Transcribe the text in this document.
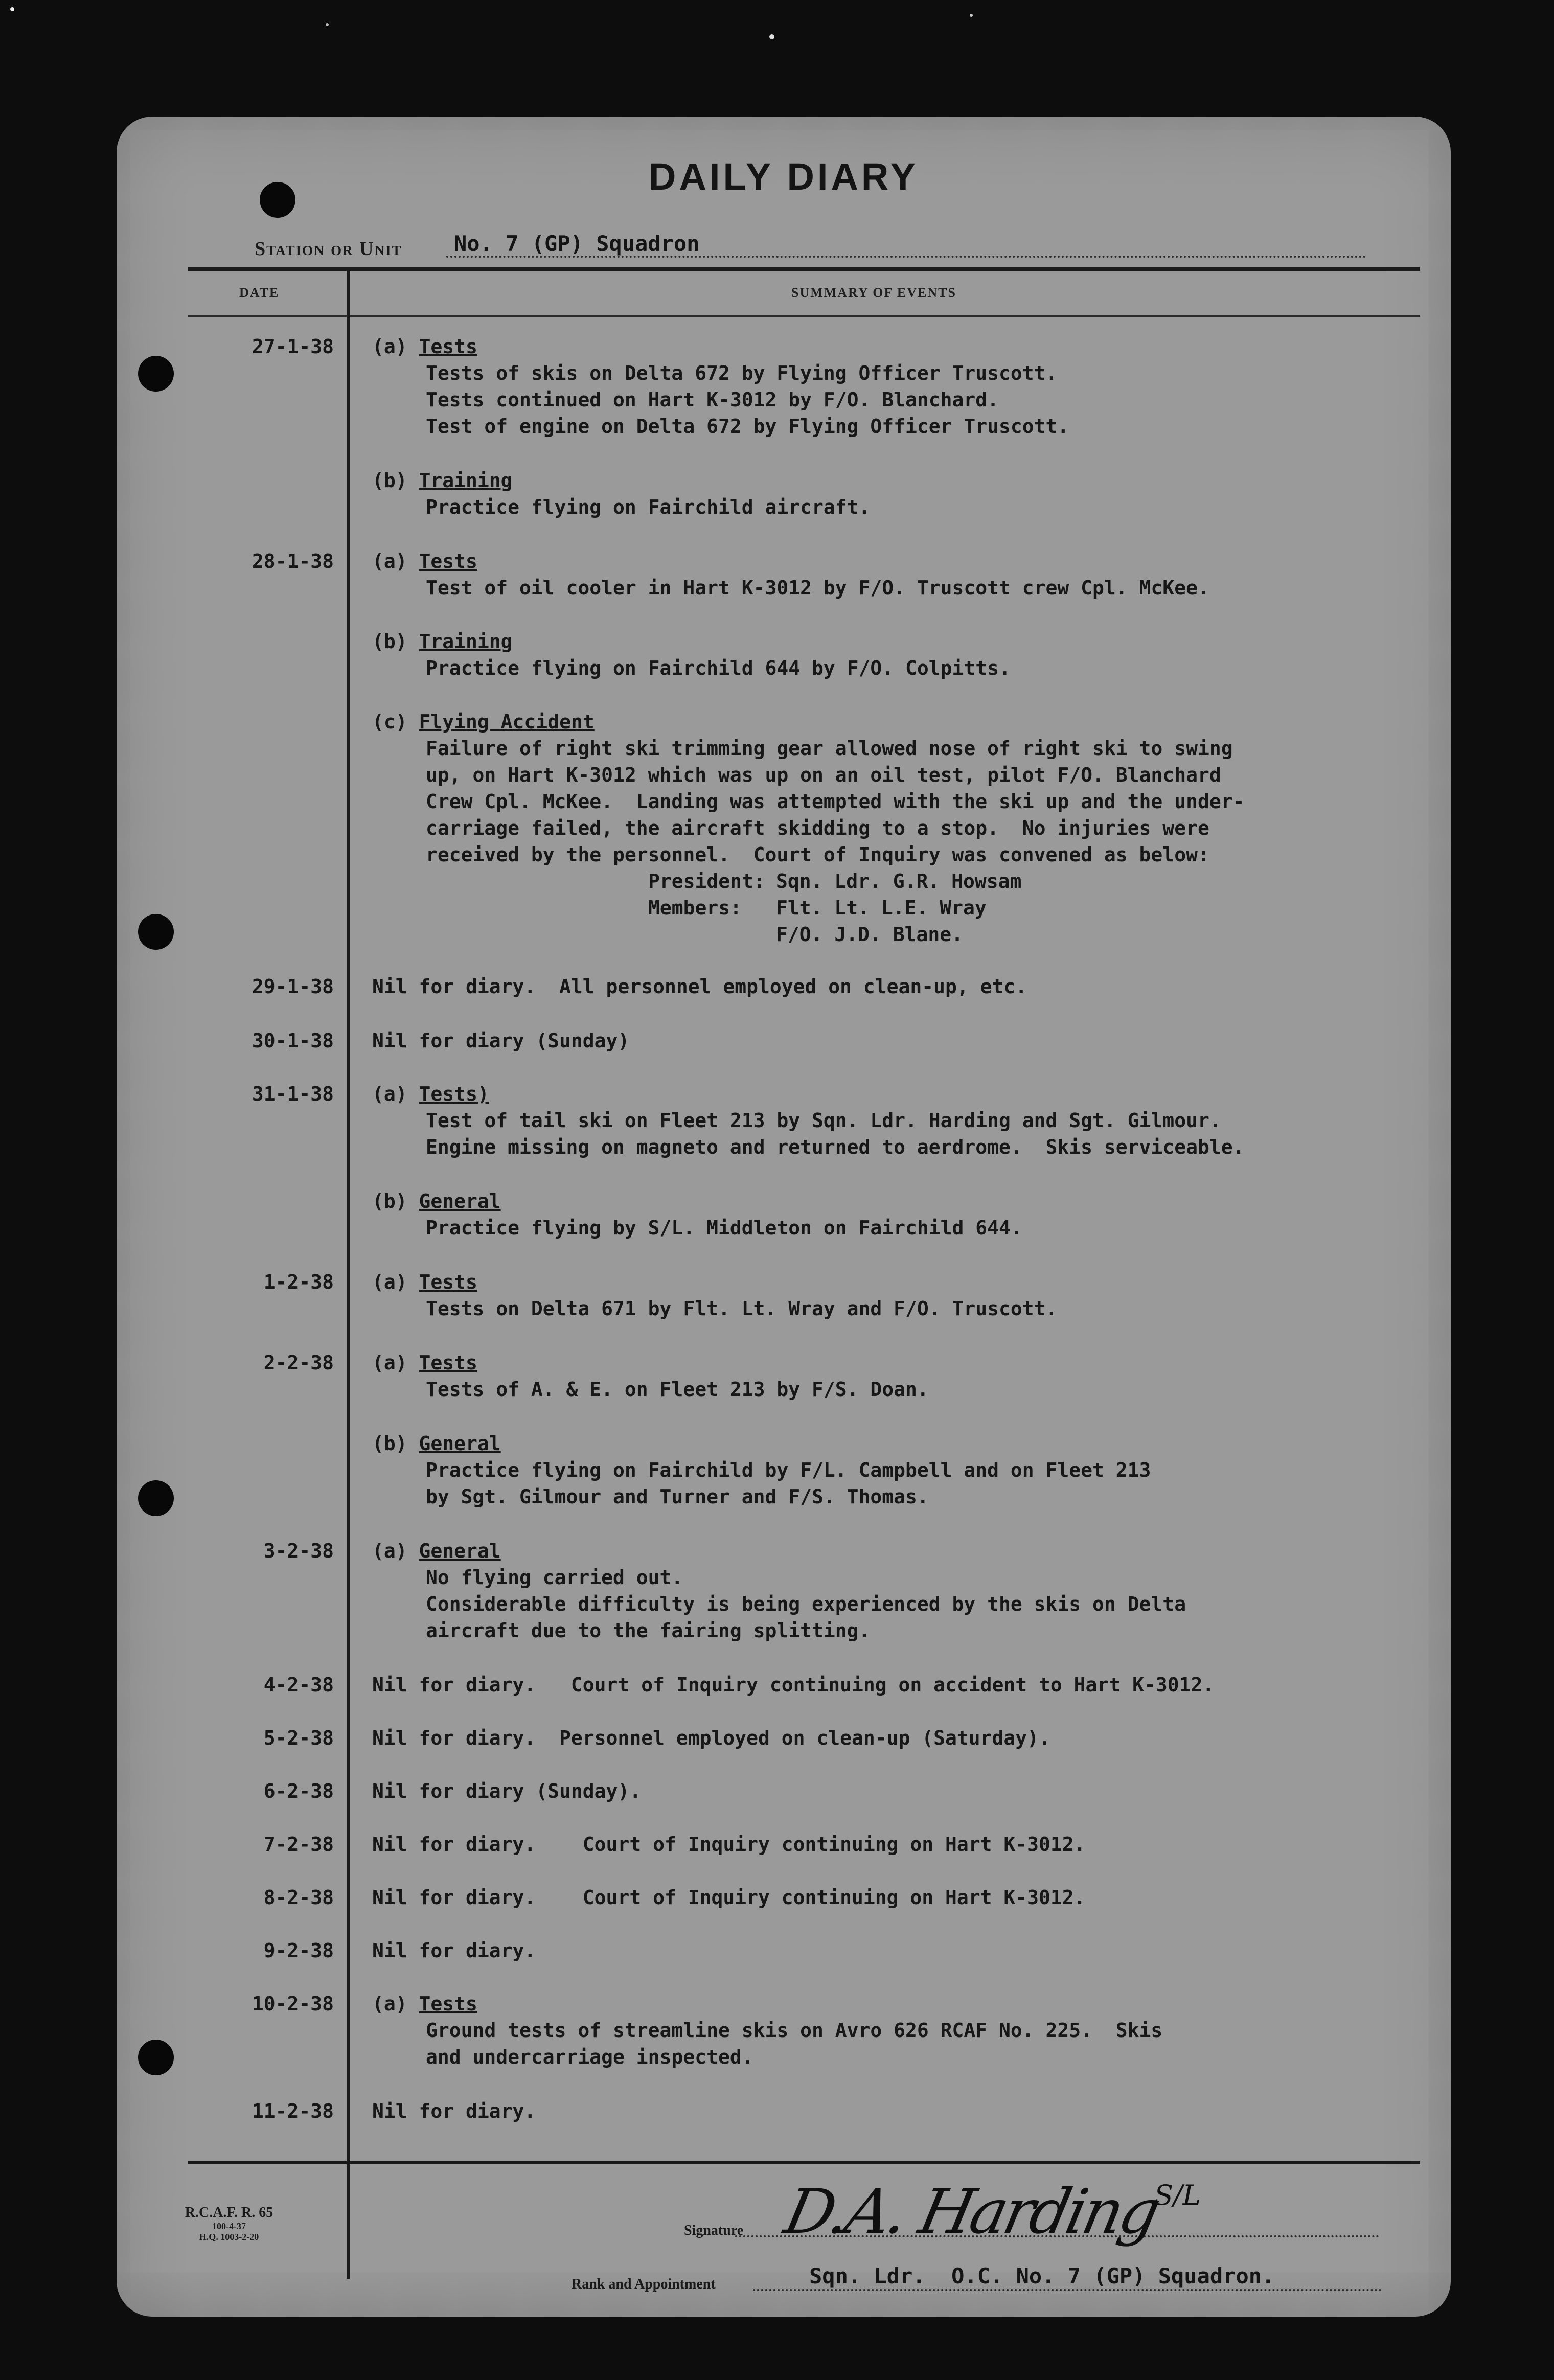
DAILY DIARY
Station or Unit No. 7 (GP) Squadron
DATE	SUMMARY OF EVENTS
27-1-38 (a) Tests
Tests of skis on Delta 672 by Flying Officer Truscott.
Tests continued on Hart K-3012 by F/O. Blanchard.
Test of engine on Delta 672 by Flying Officer Truscott.
(b) Training
Practice flying on Fairchild aircraft.
28-1-38 (a) Tests
Test of oil cooler in Hart K-3012 by F/O. Truscott crew Cpl. McKee.
(b) Training
Practice flying on Fairchild 644 by F/O. Colpitts.
(c) Flying Accident
Failure of right ski trimming gear allowed nose of right ski to swing
up, on Hart K-3012 which was up on an oil test, pilot F/O. Blanchard
Crew Cpl. McKee.  Landing was attempted with the ski up and the under-
carriage failed, the aircraft skidding to a stop.  No injuries were
received by the personnel.  Court of Inquiry was convened as below:
President: Sqn. Ldr. G.R. Howsam
Members: Flt. Lt. L.E. Wray
F/O. J.D. Blane.
29-1-38 Nil for diary.  All personnel employed on clean-up, etc.
30-1-38 Nil for diary (Sunday)
31-1-38 (a) Tests)
Test of tail ski on Fleet 213 by Sqn. Ldr. Harding and Sgt. Gilmour.
Engine missing on magneto and returned to aerdrome.  Skis serviceable.
(b) General
Practice flying by S/L. Middleton on Fairchild 644.
1-2-38 (a) Tests
Tests on Delta 671 by Flt. Lt. Wray and F/O. Truscott.
2-2-38 (a) Tests
Tests of A. & E. on Fleet 213 by F/S. Doan.
(b) General
Practice flying on Fairchild by F/L. Campbell and on Fleet 213
by Sgt. Gilmour and Turner and F/S. Thomas.
3-2-38 (a) General
No flying carried out.
Considerable difficulty is being experienced by the skis on Delta
aircraft due to the fairing splitting.
4-2-38 Nil for diary.   Court of Inquiry continuing on accident to Hart K-3012.
5-2-38 Nil for diary.  Personnel employed on clean-up (Saturday).
6-2-38 Nil for diary (Sunday).
7-2-38 Nil for diary.    Court of Inquiry continuing on Hart K-3012.
8-2-38 Nil for diary.    Court of Inquiry continuing on Hart K-3012.
9-2-38 Nil for diary.
10-2-38 (a) Tests
Ground tests of streamline skis on Avro 626 RCAF No. 225.  Skis
and undercarriage inspected.
11-2-38 Nil for diary.
R.C.A.F. R. 65
100-4-37
H.Q. 1003-2-20	Signature D.A. Harding
S/L
Rank and Appointment	Sqn. Ldr.  O.C. No. 7 (GP) Squadron.
